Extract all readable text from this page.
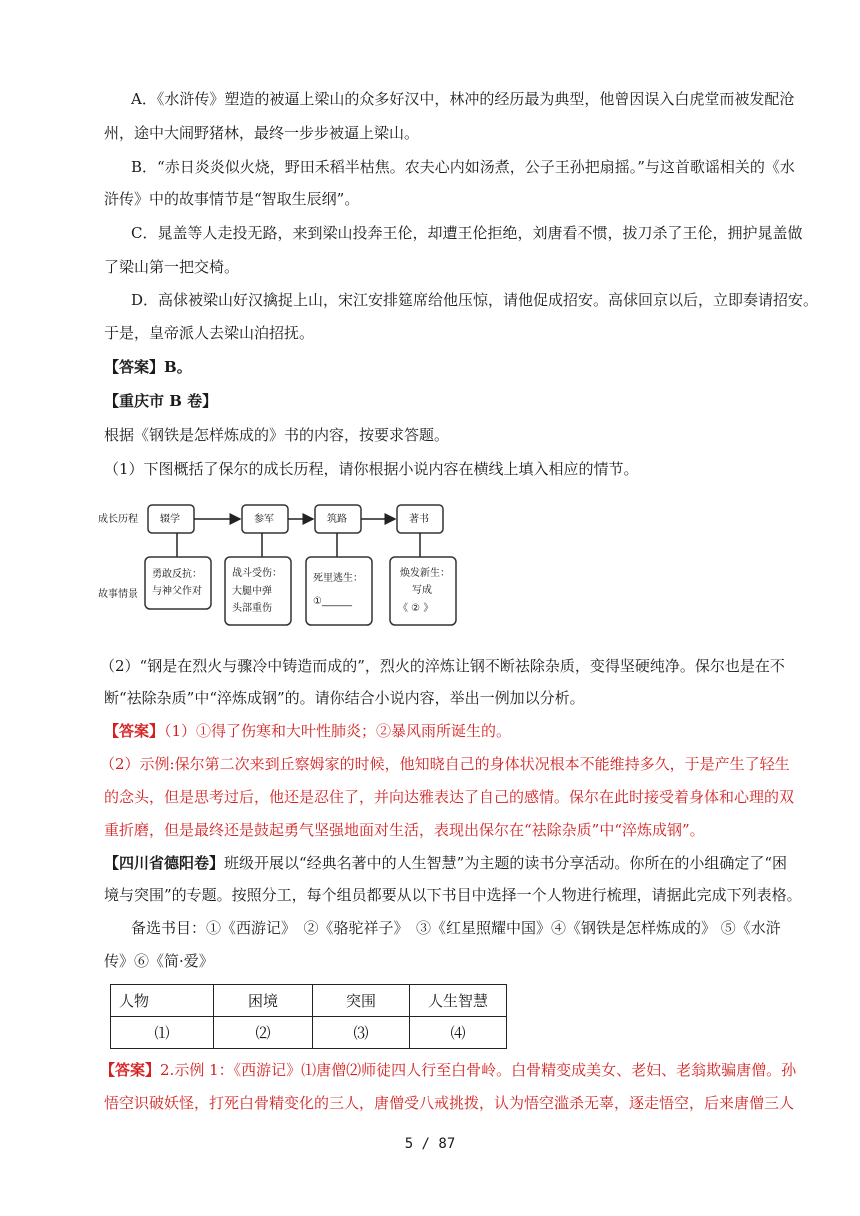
A．《水浒传》塑造的被逼上梁山的众多好汉中，林冲的经历最为典型，他曾因误入白虎堂而被发配沧
州，途中大闹野猪林，最终一步步被逼上梁山。
B．“赤日炎炎似火烧，野田禾稻半枯焦。农夫心内如汤煮，公子王孙把扇摇。”与这首歌谣相关的《水
浒传》中的故事情节是“智取生辰纲”。
C．晁盖等人走投无路，来到梁山投奔王伦，却遭王伦拒绝，刘唐看不惯，拔刀杀了王伦，拥护晁盖做
了梁山第一把交椅。
D．高俅被梁山好汉擒捉上山，宋江安排筵席给他压惊，请他促成招安。高俅回京以后，立即奏请招安。
于是，皇帝派人去梁山泊招抚。
【答案】B。
【重庆市 B 卷】
根据《钢铁是怎样炼成的》书的内容，按要求答题。
（1）下图概括了保尔的成长历程，请你根据小说内容在横线上填入相应的情节。
成长历程
故事情景
辍学	参军	筑路	著书
勇敢反抗：
与神父作对
战斗受伤：
大腿中弹
头部重伤
死里逃生：
①______
焕发新生：
写成
《 ② 》
（2）“钢是在烈火与骤冷中铸造而成的”，烈火的淬炼让钢不断祛除杂质，变得坚硬纯净。保尔也是在不
断“祛除杂质”中“淬炼成钢”的。请你结合小说内容，举出一例加以分析。
【答案】（1）①得了伤寒和大叶性肺炎；②暴风雨所诞生的。
（2）示例:保尔第二次来到丘察姆家的时候，他知晓自己的身体状况根本不能维持多久，于是产生了轻生
的念头，但是思考过后，他还是忍住了，并向达雅表达了自己的感情。保尔在此时接受着身体和心理的双
重折磨，但是最终还是鼓起勇气坚强地面对生活，表现出保尔在“祛除杂质”中“淬炼成钢”。
【四川省德阳卷】班级开展以“经典名著中的人生智慧”为主题的读书分享活动。你所在的小组确定了“困
境与突围”的专题。按照分工，每个组员都要从以下书目中选择一个人物进行梳理，请据此完成下列表格。
备选书目：①《西游记》　②《骆驼祥子》　③《红星照耀中国》④《钢铁是怎样炼成的》 ⑤《水浒
传》⑥《简·爱》
人物	困境	突围	人生智慧
⑴	⑵	⑶	⑷
【答案】2.示例 1：《西游记》⑴唐僧⑵师徒四人行至白骨岭。白骨精变成美女、老妇、老翁欺骗唐僧。孙
悟空识破妖怪，打死白骨精变化的三人，唐僧受八戒挑拨，认为悟空滥杀无辜，逐走悟空，后来唐僧三人
5 / 87
